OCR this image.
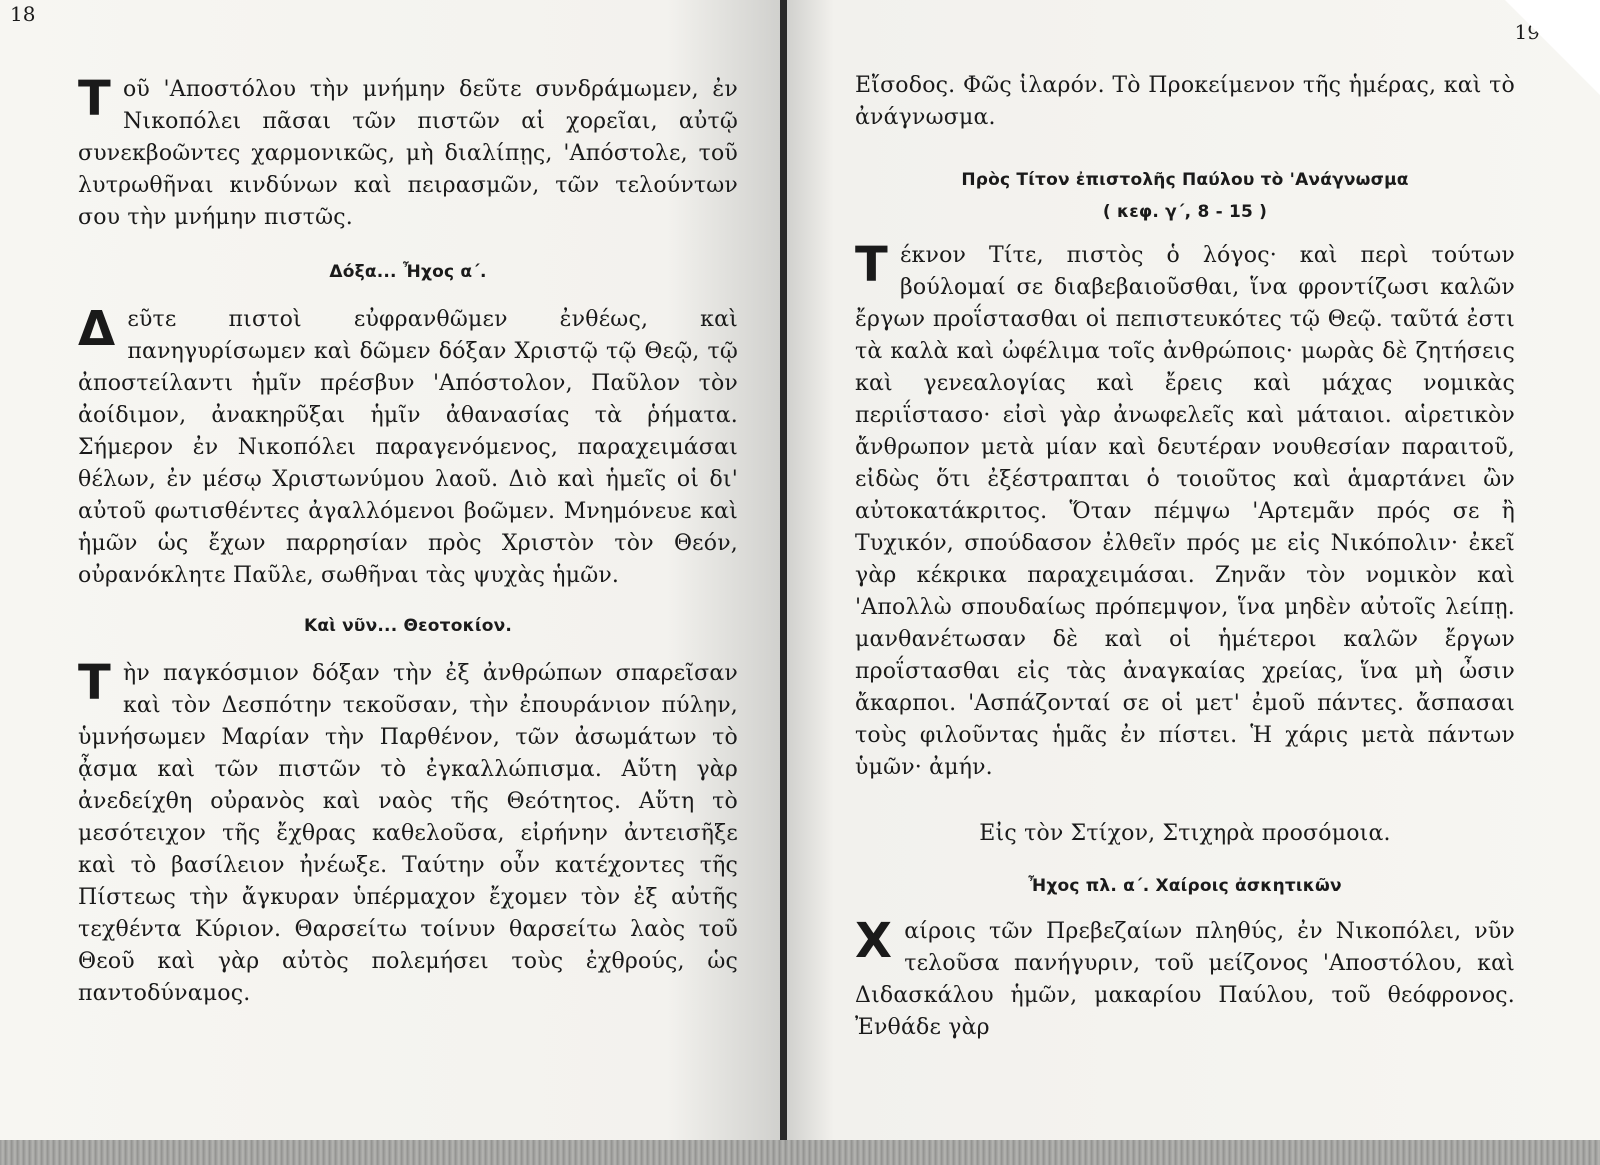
18

Τοῦ 'Αποστόλου τὴν μνήμην δεῦτε συνδράμωμεν, ἐν Νικοπόλει πᾶσαι τῶν πιστῶν αἱ χορεῖαι, αὐτῷ συνεκβοῶντες χαρμονικῶς, μὴ διαλίπῃς, 'Απόστολε, τοῦ λυτρωθῆναι κινδύνων καὶ πειρασμῶν, τῶν τελούντων σου τὴν μνήμην πιστῶς.

Δόξα... Ἦχος α΄.

Δεῦτε πιστοὶ εὐφρανθῶμεν ἐνθέως, καὶ πανηγυρίσωμεν καὶ δῶμεν δόξαν Χριστῷ τῷ Θεῷ, τῷ ἀποστείλαντι ἡμῖν πρέσβυν 'Απόστολον, Παῦλον τὸν ἀοίδιμον, ἀνακηρῦξαι ἡμῖν ἀθανασίας τὰ ῥήματα. Σήμερον ἐν Νικοπόλει παραγενόμενος, παραχειμάσαι θέλων, ἐν μέσῳ Χριστωνύμου λαοῦ. Διὸ καὶ ἡμεῖς οἱ δι' αὐτοῦ φωτισθέντες ἀγαλλόμενοι βοῶμεν. Μνημόνευε καὶ ἡμῶν ὡς ἔχων παρρησίαν πρὸς Χριστὸν τὸν Θεόν, οὐρανόκλητε Παῦλε, σωθῆναι τὰς ψυχὰς ἡμῶν.

Καὶ νῦν... Θεοτοκίον.

Τὴν παγκόσμιον δόξαν τὴν ἐξ ἀνθρώπων σπαρεῖσαν καὶ τὸν Δεσπότην τεκοῦσαν, τὴν ἐπουράνιον πύλην, ὑμνήσωμεν Μαρίαν τὴν Παρθένον, τῶν ἀσωμάτων τὸ ᾆσμα καὶ τῶν πιστῶν τὸ ἐγκαλλώπισμα. Αὕτη γὰρ ἀνεδείχθη οὐρανὸς καὶ ναὸς τῆς Θεότητος. Αὕτη τὸ μεσότειχον τῆς ἔχθρας καθελοῦσα, εἰρήνην ἀντεισῆξε καὶ τὸ βασίλειον ἠνέωξε. Ταύτην οὖν κατέχοντες τῆς Πίστεως τὴν ἄγκυραν ὑπέρμαχον ἔχομεν τὸν ἐξ αὐτῆς τεχθέντα Κύριον. Θαρσείτω τοίνυν θαρσείτω λαὸς τοῦ Θεοῦ καὶ γὰρ αὐτὸς πολεμήσει τοὺς ἐχθρούς, ὡς παντοδύναμος.

19

Εἴσοδος. Φῶς ἱλαρόν. Τὸ Προκείμενον τῆς ἡμέρας, καὶ τὸ ἀνάγνωσμα.

Πρὸς Τίτον ἐπιστολῆς Παύλου τὸ 'Ανάγνωσμα

( κεφ. γ΄, 8 - 15 )

Τέκνον Τίτε, πιστὸς ὁ λόγος· καὶ περὶ τούτων βούλομαί σε διαβεβαιοῦσθαι, ἵνα φροντίζωσι καλῶν ἔργων προΐστασθαι οἱ πεπιστευκότες τῷ Θεῷ. ταῦτά ἐστι τὰ καλὰ καὶ ὠφέλιμα τοῖς ἀνθρώποις· μωρὰς δὲ ζητήσεις καὶ γενεαλογίας καὶ ἔρεις καὶ μάχας νομικὰς περιΐστασο· εἰσὶ γὰρ ἀνωφελεῖς καὶ μάταιοι. αἱρετικὸν ἄνθρωπον μετὰ μίαν καὶ δευτέραν νουθεσίαν παραιτοῦ, εἰδὼς ὅτι ἐξέστραπται ὁ τοιοῦτος καὶ ἁμαρτάνει ὢν αὐτοκατάκριτος. Ὅταν πέμψω 'Αρτεμᾶν πρός σε ἢ Τυχικόν, σπούδασον ἐλθεῖν πρός με εἰς Νικόπολιν· ἐκεῖ γὰρ κέκρικα παραχειμάσαι. Ζηνᾶν τὸν νομικὸν καὶ 'Απολλὼ σπουδαίως πρόπεμψον, ἵνα μηδὲν αὐτοῖς λείπῃ. μανθανέτωσαν δὲ καὶ οἱ ἡμέτεροι καλῶν ἔργων προΐστασθαι εἰς τὰς ἀναγκαίας χρείας, ἵνα μὴ ὦσιν ἄκαρποι. 'Ασπάζονταί σε οἱ μετ' ἐμοῦ πάντες. ἄσπασαι τοὺς φιλοῦντας ἡμᾶς ἐν πίστει. Ἡ χάρις μετὰ πάντων ὑμῶν· ἀμήν.

Εἰς τὸν Στίχον, Στιχηρὰ προσόμοια.

Ἦχος πλ. α΄. Χαίροις ἀσκητικῶν

Χαίροις τῶν Πρεβεζαίων πληθύς, ἐν Νικοπόλει, νῦν τελοῦσα πανήγυριν, τοῦ μείζονος 'Αποστόλου, καὶ Διδασκάλου ἡμῶν, μακαρίου Παύλου, τοῦ θεόφρονος. Ἐνθάδε γὰρ
